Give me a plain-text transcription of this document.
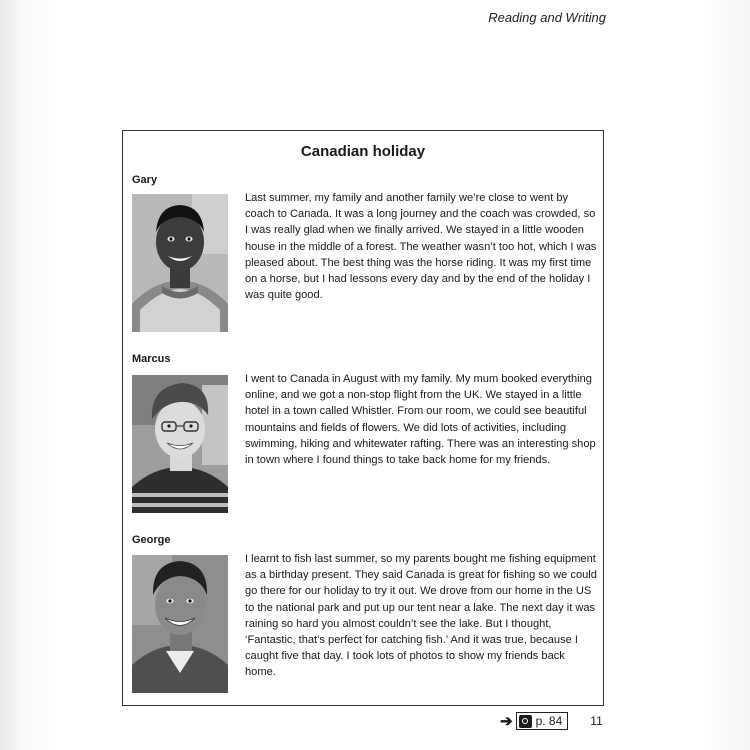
Reading and Writing
Canadian holiday
Gary

Last summer, my family and another family we’re close to went by coach to Canada. It was a long journey and the coach was crowded, so I was really glad when we finally arrived. We stayed in a little wooden house in the middle of a forest. The weather wasn’t too hot, which I was pleased about. The best thing was the horse riding. It was my first time on a horse, but I had lessons every day and by the end of the holiday I was quite good.

Marcus

I went to Canada in August with my family. My mum booked everything online, and we got a non-stop flight from the UK. We stayed in a little hotel in a town called Whistler. From our room, we could see beautiful mountains and fields of flowers. We did lots of activities, including swimming, hiking and whitewater rafting. There was an interesting shop in town where I found things to take back home for my friends.

George

I learnt to fish last summer, so my parents bought me fishing equipment as a birthday present. They said Canada is great for fishing so we could go there for our holiday to try it out. We drove from our home in the US to the national park and put up our tent near a lake. The next day it was raining so hard you almost couldn’t see the lake. But I thought, ‘Fantastic, that’s perfect for catching fish.’ And it was true, because I caught five that day. I took lots of photos to show my friends back home.

➔ p. 84 11
